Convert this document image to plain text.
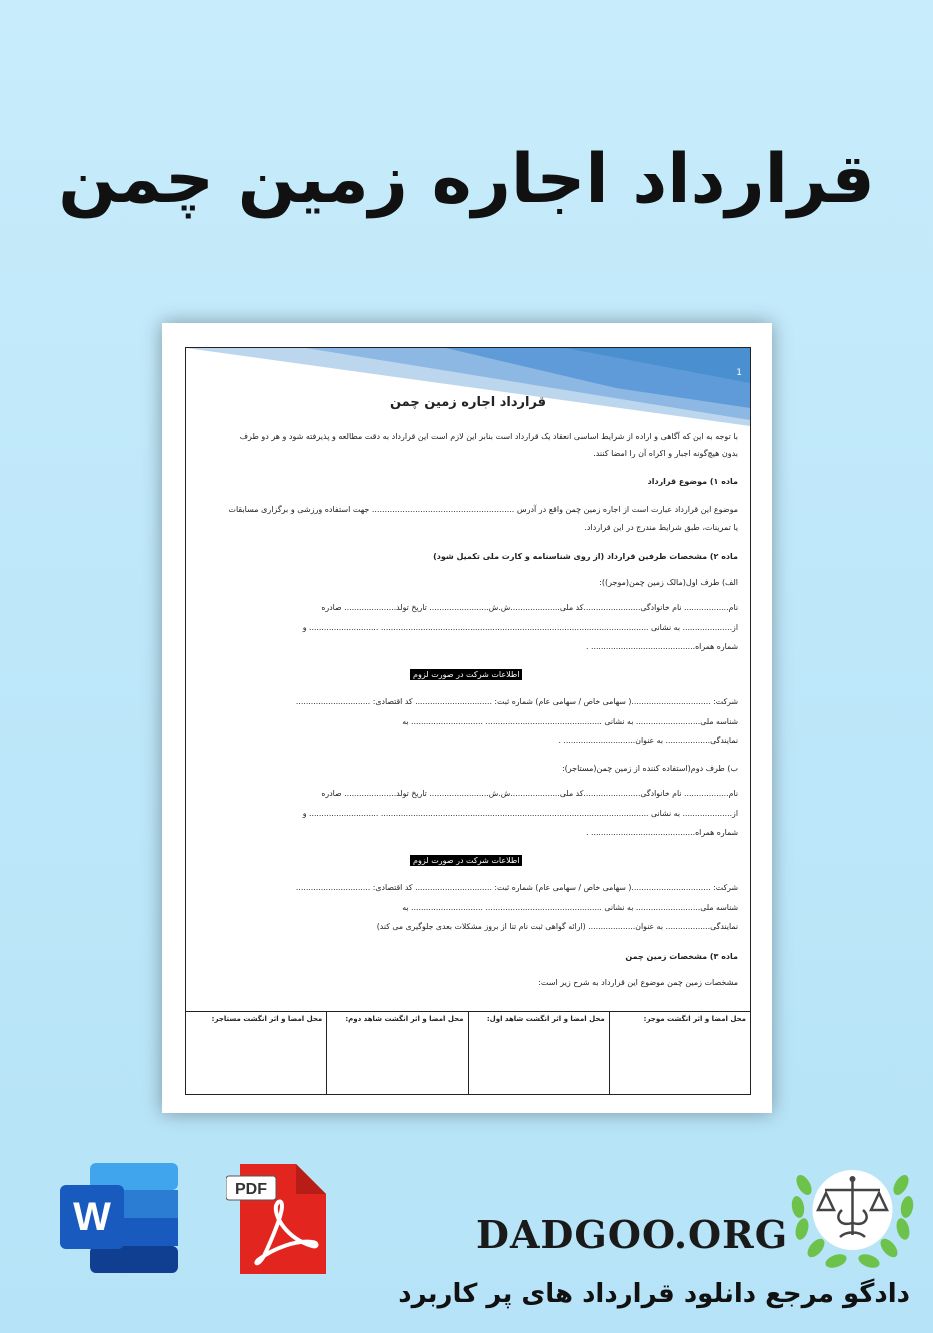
قرارداد اجاره زمین چمن
1
قرارداد اجاره زمین چمن
با توجه به این که آگاهی و اراده از شرایط اساسی انعقاد یک قرارداد است بنابر این لازم است این قرارداد به دقت مطالعه و پذیرفته شود و هر دو طرف
بدون هیچ‌گونه اجبار و اکراه آن را امضا کنند.
ماده ۱) موضوع قرارداد
موضوع این قرارداد عبارت است از اجاره زمین چمن واقع در آدرس ........................................................ جهت استفاده ورزشی و برگزاری مسابقات
یا تمرینات، طبق شرایط مندرج در این قرارداد.
ماده ۲) مشخصات طرفین قرارداد (از روی شناسنامه و کارت ملی تکمیل شود)
الف) طرف اول(مالک زمین چمن(موجر)):
نام.................. نام خانوادگی.......................کد ملی....................ش.ش........................ تاریخ تولد..................... صادره
از.................... به نشانی ............................................................................................................ ............................ و
شماره همراه.......................................... .
اطلاعات شرکت در صورت لزوم
شرکت: ................................( سهامی خاص / سهامی عام) شماره ثبت: ............................... کد اقتصادی: ..............................
شناسه ملی.......................... به نشانی ............................................... ............................. به
نمایندگی.................. به عنوان............................. .
ب) طرف دوم(استفاده کننده از زمین چمن(مستاجر):
نام.................. نام خانوادگی.......................کد ملی....................ش.ش........................ تاریخ تولد..................... صادره
از.................... به نشانی ............................................................................................................ ............................ و
شماره همراه.......................................... .
اطلاعات شرکت در صورت لزوم
شرکت: ................................( سهامی خاص / سهامی عام) شماره ثبت: ............................... کد اقتصادی: ..............................
شناسه ملی.......................... به نشانی ............................................... ............................. به
نمایندگی.................. به عنوان................... (ارائه گواهی ثبت نام تنا از بروز مشکلات بعدی جلوگیری می کند)
ماده ۳) مشخصات زمین چمن
مشخصات زمین چمن موضوع این قرارداد به شرح زیر است:
محل امضا و اثر انگشت موجر:
محل امضا و اثر انگشت شاهد اول:
محل امضا و اثر انگشت شاهد دوم:
محل امضا و اثر انگشت مستاجر:
W
PDF
DADGOO.ORG
دادگو مرجع دانلود قرارداد های پر کاربرد
